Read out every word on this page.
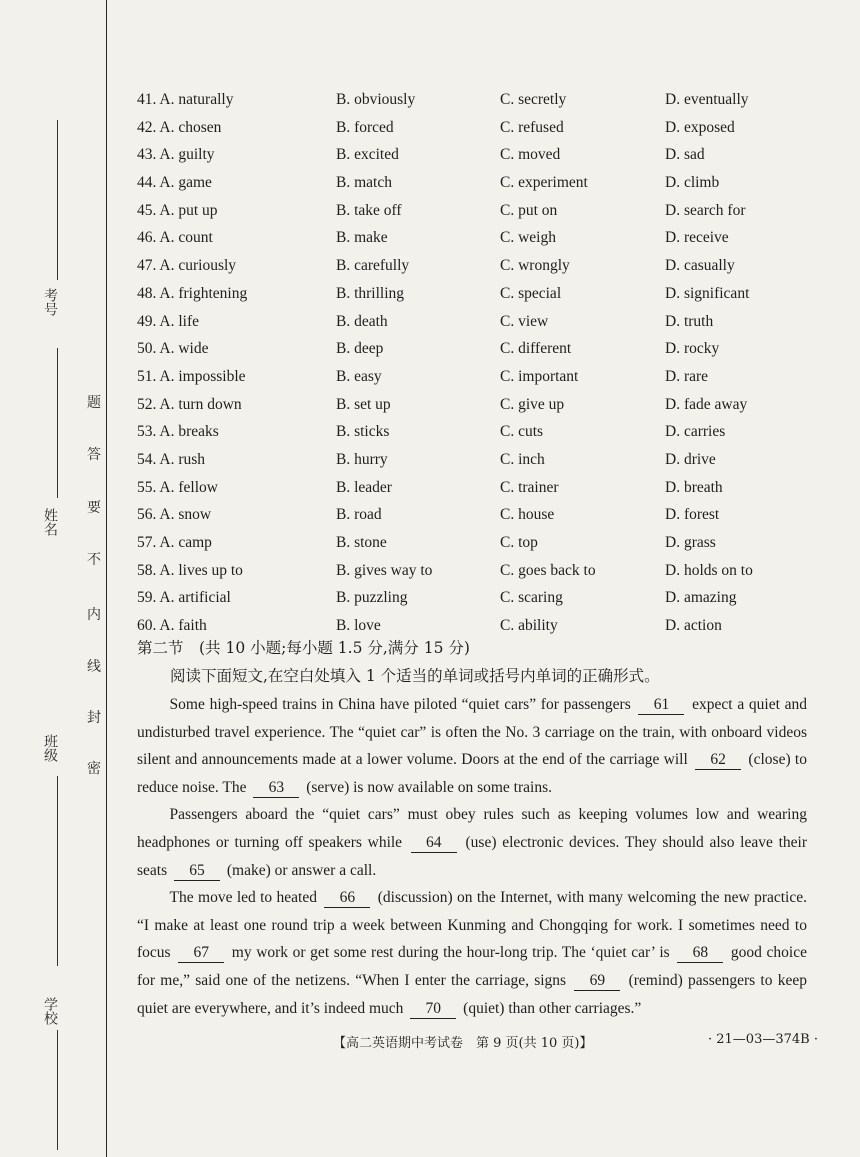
考号
姓名
班级
学校
题
答
要
不
内
线
封
密
41. A. naturally	B. obviously	C. secretly	D. eventually
42. A. chosen	B. forced	C. refused	D. exposed
43. A. guilty	B. excited	C. moved	D. sad
44. A. game	B. match	C. experiment	D. climb
45. A. put up	B. take off	C. put on	D. search for
46. A. count	B. make	C. weigh	D. receive
47. A. curiously	B. carefully	C. wrongly	D. casually
48. A. frightening	B. thrilling	C. special	D. significant
49. A. life	B. death	C. view	D. truth
50. A. wide	B. deep	C. different	D. rocky
51. A. impossible	B. easy	C. important	D. rare
52. A. turn down	B. set up	C. give up	D. fade away
53. A. breaks	B. sticks	C. cuts	D. carries
54. A. rush	B. hurry	C. inch	D. drive
55. A. fellow	B. leader	C. trainer	D. breath
56. A. snow	B. road	C. house	D. forest
57. A. camp	B. stone	C. top	D. grass
58. A. lives up to	B. gives way to	C. goes back to	D. holds on to
59. A. artificial	B. puzzling	C. scaring	D. amazing
60. A. faith	B. love	C. ability	D. action
第二节　(共 10 小题;每小题 1.5 分,满分 15 分)
阅读下面短文,在空白处填入 1 个适当的单词或括号内单词的正确形式。

Some high-speed trains in China have piloted “quiet cars” for passengers 61 expect a quiet and undisturbed travel experience. The “quiet car” is often the No. 3 carriage on the train, with onboard videos silent and announcements made at a lower volume. Doors at the end of the carriage will 62 (close) to reduce noise. The 63 (serve) is now available on some trains.

Passengers aboard the “quiet cars” must obey rules such as keeping volumes low and wearing headphones or turning off speakers while 64 (use) electronic devices. They should also leave their seats 65 (make) or answer a call.

The move led to heated 66 (discussion) on the Internet, with many welcoming the new practice. “I make at least one round trip a week between Kunming and Chongqing for work. I sometimes need to focus 67 my work or get some rest during the hour-long trip. The ‘quiet car’ is 68 good choice for me,” said one of the netizens. “When I enter the carriage, signs 69 (remind) passengers to keep quiet are everywhere, and it’s indeed much 70 (quiet) than other carriages.”

【高二英语期中考试卷　第 9 页(共 10 页)】	· 21—03—374B ·
